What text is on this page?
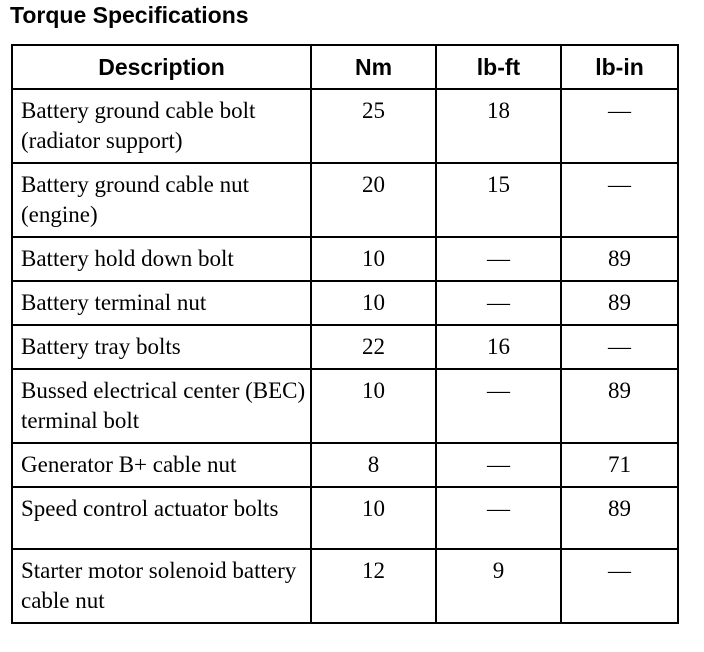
Torque Specifications
Description	Nm	lb-ft	lb-in
Battery ground cable bolt (radiator support)	25	18	—
Battery ground cable nut (engine)	20	15	—
Battery hold down bolt	10	—	89
Battery terminal nut	10	—	89
Battery tray bolts	22	16	—
Bussed electrical center (BEC) terminal bolt	10	—	89
Generator B+ cable nut	8	—	71
Speed control actuator bolts	10	—	89
Starter motor solenoid battery cable nut	12	9	—
